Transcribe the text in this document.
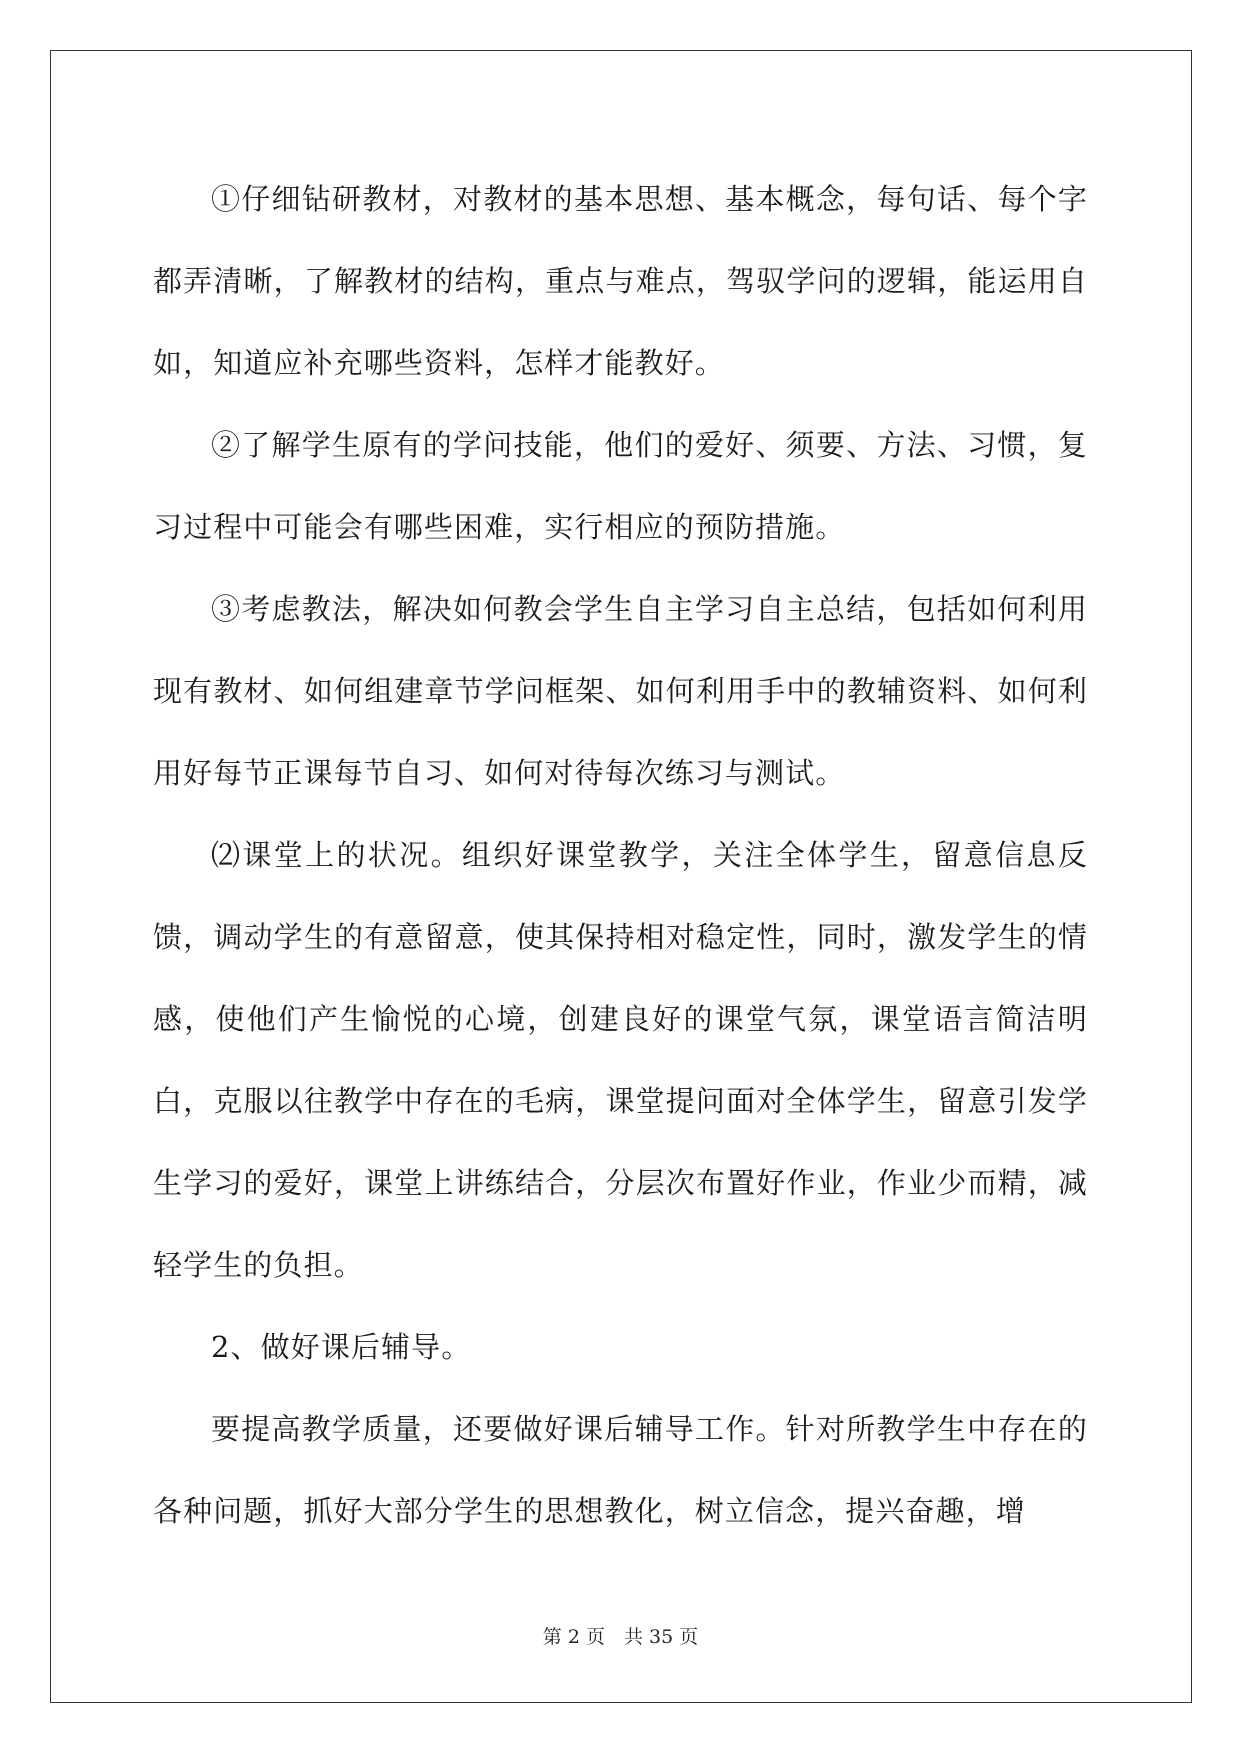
①仔细钻研教材，对教材的基本思想、基本概念，每句话、每个字都弄清晰，了解教材的结构，重点与难点，驾驭学问的逻辑，能运用自如，知道应补充哪些资料，怎样才能教好。

②了解学生原有的学问技能，他们的爱好、须要、方法、习惯，复习过程中可能会有哪些困难，实行相应的预防措施。

③考虑教法，解决如何教会学生自主学习自主总结，包括如何利用现有教材、如何组建章节学问框架、如何利用手中的教辅资料、如何利用好每节正课每节自习、如何对待每次练习与测试。

⑵课堂上的状况。组织好课堂教学，关注全体学生，留意信息反馈，调动学生的有意留意，使其保持相对稳定性，同时，激发学生的情感，使他们产生愉悦的心境，创建良好的课堂气氛，课堂语言简洁明白，克服以往教学中存在的毛病，课堂提问面对全体学生，留意引发学生学习的爱好，课堂上讲练结合，分层次布置好作业，作业少而精，减轻学生的负担。

2、做好课后辅导。

要提高教学质量，还要做好课后辅导工作。针对所教学生中存在的各种问题，抓好大部分学生的思想教化，树立信念，提兴奋趣，增

第 2 页　共 35 页
